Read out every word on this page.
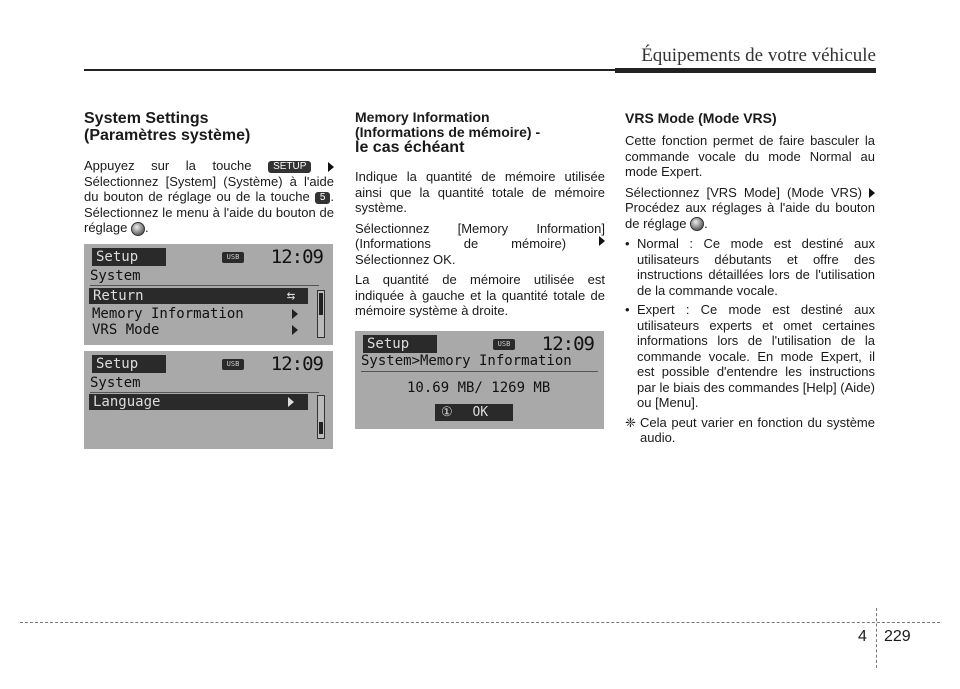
Équipements de votre véhicule
System Settings
(Paramètres système)

Appuyez sur la touche SETUP  Sélectionnez [System] (Système) à l'aide du bouton de réglage ou de la touche 5 . Sélectionnez le menu à l'aide du bouton de réglage .

Setup	USB 12:09
System
Return	⇆
Memory Information
VRS Mode
Setup	USB 12:09
System
Language
Memory Information
(Informations de mémoire) -
le cas échéant

Indique la quantité de mémoire utilisée ainsi que la quantité totale de mémoire système.

Sélectionnez [Memory Information]
(Informations	de	mémoire)
Sélectionnez OK.

La quantité de mémoire utilisée est indiquée à gauche et la quantité totale de mémoire système à droite.

Setup	USB 12:09
System>Memory Information
10.69 MB/ 1269 MB
① OK
VRS Mode (Mode VRS)

Cette fonction permet de faire basculer la commande vocale du mode Normal au mode Expert.

Sélectionnez [VRS Mode] (Mode VRS)  Procédez aux réglages à l'aide du bouton de réglage .

• Normal : Ce mode est destiné aux utilisateurs débutants et offre des instructions détaillées lors de l'utilisation de la commande vocale.
• Expert : Ce mode est destiné aux utilisateurs experts et omet certaines informations lors de l'utilisation de la commande vocale. En mode Expert, il est possible d'entendre les instructions par le biais des commandes [Help] (Aide) ou [Menu].
❈ Cela peut varier en fonction du système audio.
4 229
